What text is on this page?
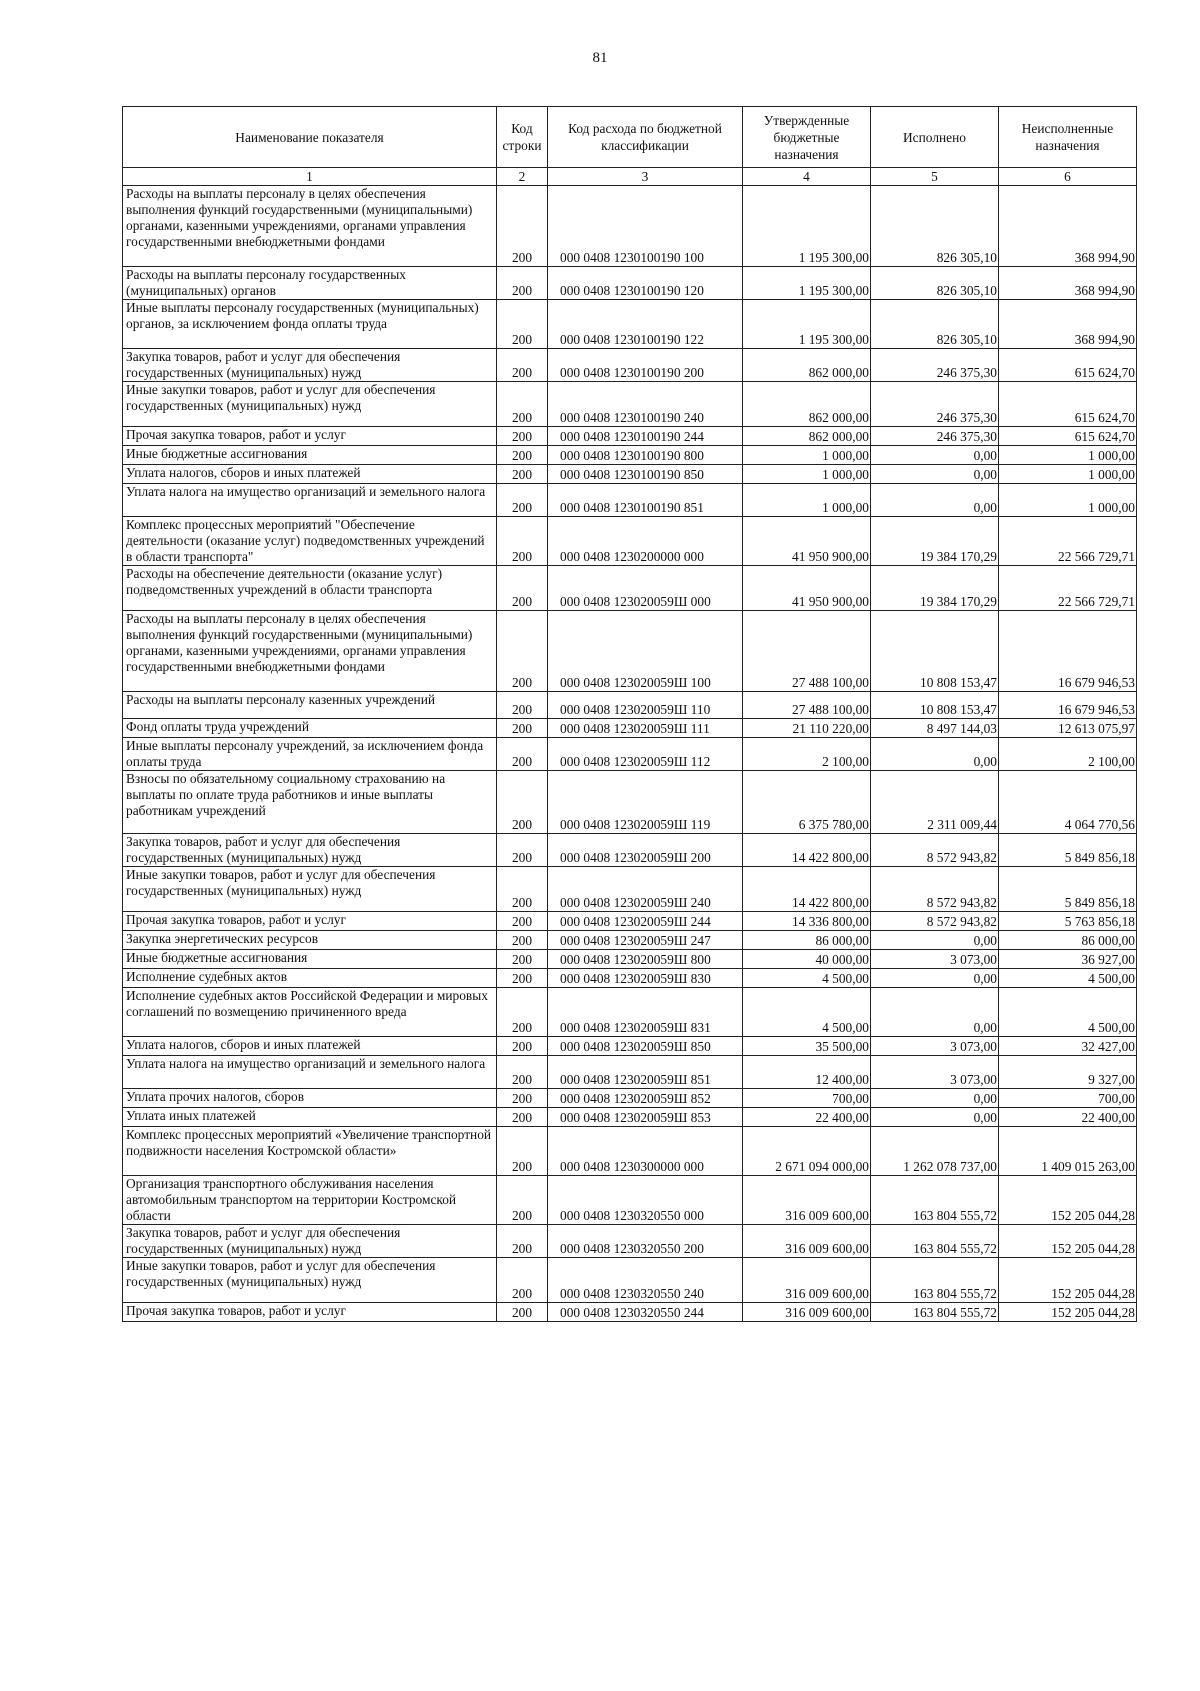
81
Наименование показателя	Код строки	Код расхода по бюджетной классификации	Утвержденные бюджетные назначения	Исполнено	Неисполненные назначения
1	2	3	4	5	6
Расходы на выплаты персоналу в целях обеспечения выполнения функций государственными (муниципальными) органами, казенными учреждениями, органами управления государственными внебюджетными фондами	200	000 0408 1230100190 100	1 195 300,00	826 305,10	368 994,90
Расходы на выплаты персоналу государственных (муниципальных) органов	200	000 0408 1230100190 120	1 195 300,00	826 305,10	368 994,90
Иные выплаты персоналу государственных (муниципальных) органов, за исключением фонда оплаты труда	200	000 0408 1230100190 122	1 195 300,00	826 305,10	368 994,90
Закупка товаров, работ и услуг для обеспечения государственных (муниципальных) нужд	200	000 0408 1230100190 200	862 000,00	246 375,30	615 624,70
Иные закупки товаров, работ и услуг для обеспечения государственных (муниципальных) нужд	200	000 0408 1230100190 240	862 000,00	246 375,30	615 624,70
Прочая закупка товаров, работ и услуг	200	000 0408 1230100190 244	862 000,00	246 375,30	615 624,70
Иные бюджетные ассигнования	200	000 0408 1230100190 800	1 000,00	0,00	1 000,00
Уплата налогов, сборов и иных платежей	200	000 0408 1230100190 850	1 000,00	0,00	1 000,00
Уплата налога на имущество организаций и земельного налога	200	000 0408 1230100190 851	1 000,00	0,00	1 000,00
Комплекс процессных мероприятий "Обеспечение деятельности (оказание услуг) подведомственных учреждений в области транспорта"	200	000 0408 1230200000 000	41 950 900,00	19 384 170,29	22 566 729,71
Расходы на обеспечение деятельности (оказание услуг) подведомственных учреждений в области транспорта	200	000 0408 123020059Ш 000	41 950 900,00	19 384 170,29	22 566 729,71
Расходы на выплаты персоналу в целях обеспечения выполнения функций государственными (муниципальными) органами, казенными учреждениями, органами управления государственными внебюджетными фондами	200	000 0408 123020059Ш 100	27 488 100,00	10 808 153,47	16 679 946,53
Расходы на выплаты персоналу казенных учреждений	200	000 0408 123020059Ш 110	27 488 100,00	10 808 153,47	16 679 946,53
Фонд оплаты труда учреждений	200	000 0408 123020059Ш 111	21 110 220,00	8 497 144,03	12 613 075,97
Иные выплаты персоналу учреждений, за исключением фонда оплаты труда	200	000 0408 123020059Ш 112	2 100,00	0,00	2 100,00
Взносы по обязательному социальному страхованию на выплаты по оплате труда работников и иные выплаты работникам учреждений	200	000 0408 123020059Ш 119	6 375 780,00	2 311 009,44	4 064 770,56
Закупка товаров, работ и услуг для обеспечения государственных (муниципальных) нужд	200	000 0408 123020059Ш 200	14 422 800,00	8 572 943,82	5 849 856,18
Иные закупки товаров, работ и услуг для обеспечения государственных (муниципальных) нужд	200	000 0408 123020059Ш 240	14 422 800,00	8 572 943,82	5 849 856,18
Прочая закупка товаров, работ и услуг	200	000 0408 123020059Ш 244	14 336 800,00	8 572 943,82	5 763 856,18
Закупка энергетических ресурсов	200	000 0408 123020059Ш 247	86 000,00	0,00	86 000,00
Иные бюджетные ассигнования	200	000 0408 123020059Ш 800	40 000,00	3 073,00	36 927,00
Исполнение судебных актов	200	000 0408 123020059Ш 830	4 500,00	0,00	4 500,00
Исполнение судебных актов Российской Федерации и мировых соглашений по возмещению причиненного вреда	200	000 0408 123020059Ш 831	4 500,00	0,00	4 500,00
Уплата налогов, сборов и иных платежей	200	000 0408 123020059Ш 850	35 500,00	3 073,00	32 427,00
Уплата налога на имущество организаций и земельного налога	200	000 0408 123020059Ш 851	12 400,00	3 073,00	9 327,00
Уплата прочих налогов, сборов	200	000 0408 123020059Ш 852	700,00	0,00	700,00
Уплата иных платежей	200	000 0408 123020059Ш 853	22 400,00	0,00	22 400,00
Комплекс процессных мероприятий «Увеличение транспортной подвижности населения Костромской области»	200	000 0408 1230300000 000	2 671 094 000,00	1 262 078 737,00	1 409 015 263,00
Организация транспортного обслуживания населения автомобильным транспортом на территории Костромской области	200	000 0408 1230320550 000	316 009 600,00	163 804 555,72	152 205 044,28
Закупка товаров, работ и услуг для обеспечения государственных (муниципальных) нужд	200	000 0408 1230320550 200	316 009 600,00	163 804 555,72	152 205 044,28
Иные закупки товаров, работ и услуг для обеспечения государственных (муниципальных) нужд	200	000 0408 1230320550 240	316 009 600,00	163 804 555,72	152 205 044,28
Прочая закупка товаров, работ и услуг	200	000 0408 1230320550 244	316 009 600,00	163 804 555,72	152 205 044,28
